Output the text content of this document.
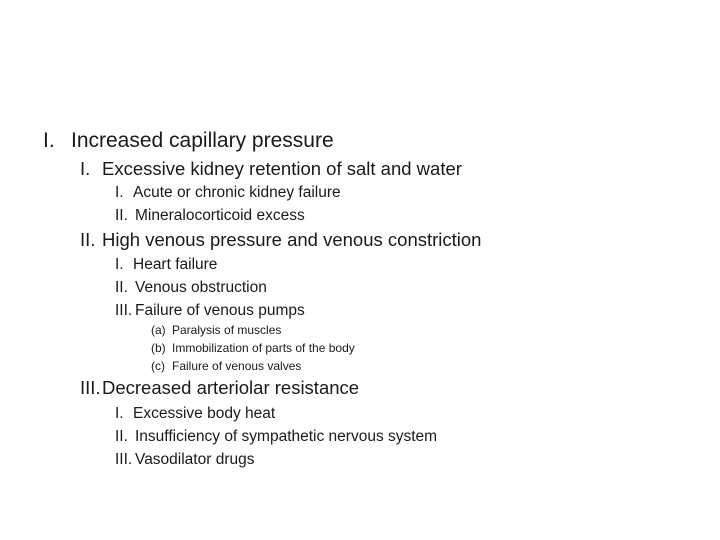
I. Increased capillary pressure
I. Excessive kidney retention of salt and water
I. Acute or chronic kidney failure
II. Mineralocorticoid excess
II. High venous pressure and venous constriction
I. Heart failure
II. Venous obstruction
III. Failure of venous pumps
(a) Paralysis of muscles
(b) Immobilization of parts of the body
(c) Failure of venous valves
III.Decreased arteriolar resistance
I. Excessive body heat
II. Insufficiency of sympathetic nervous system
III. Vasodilator drugs
